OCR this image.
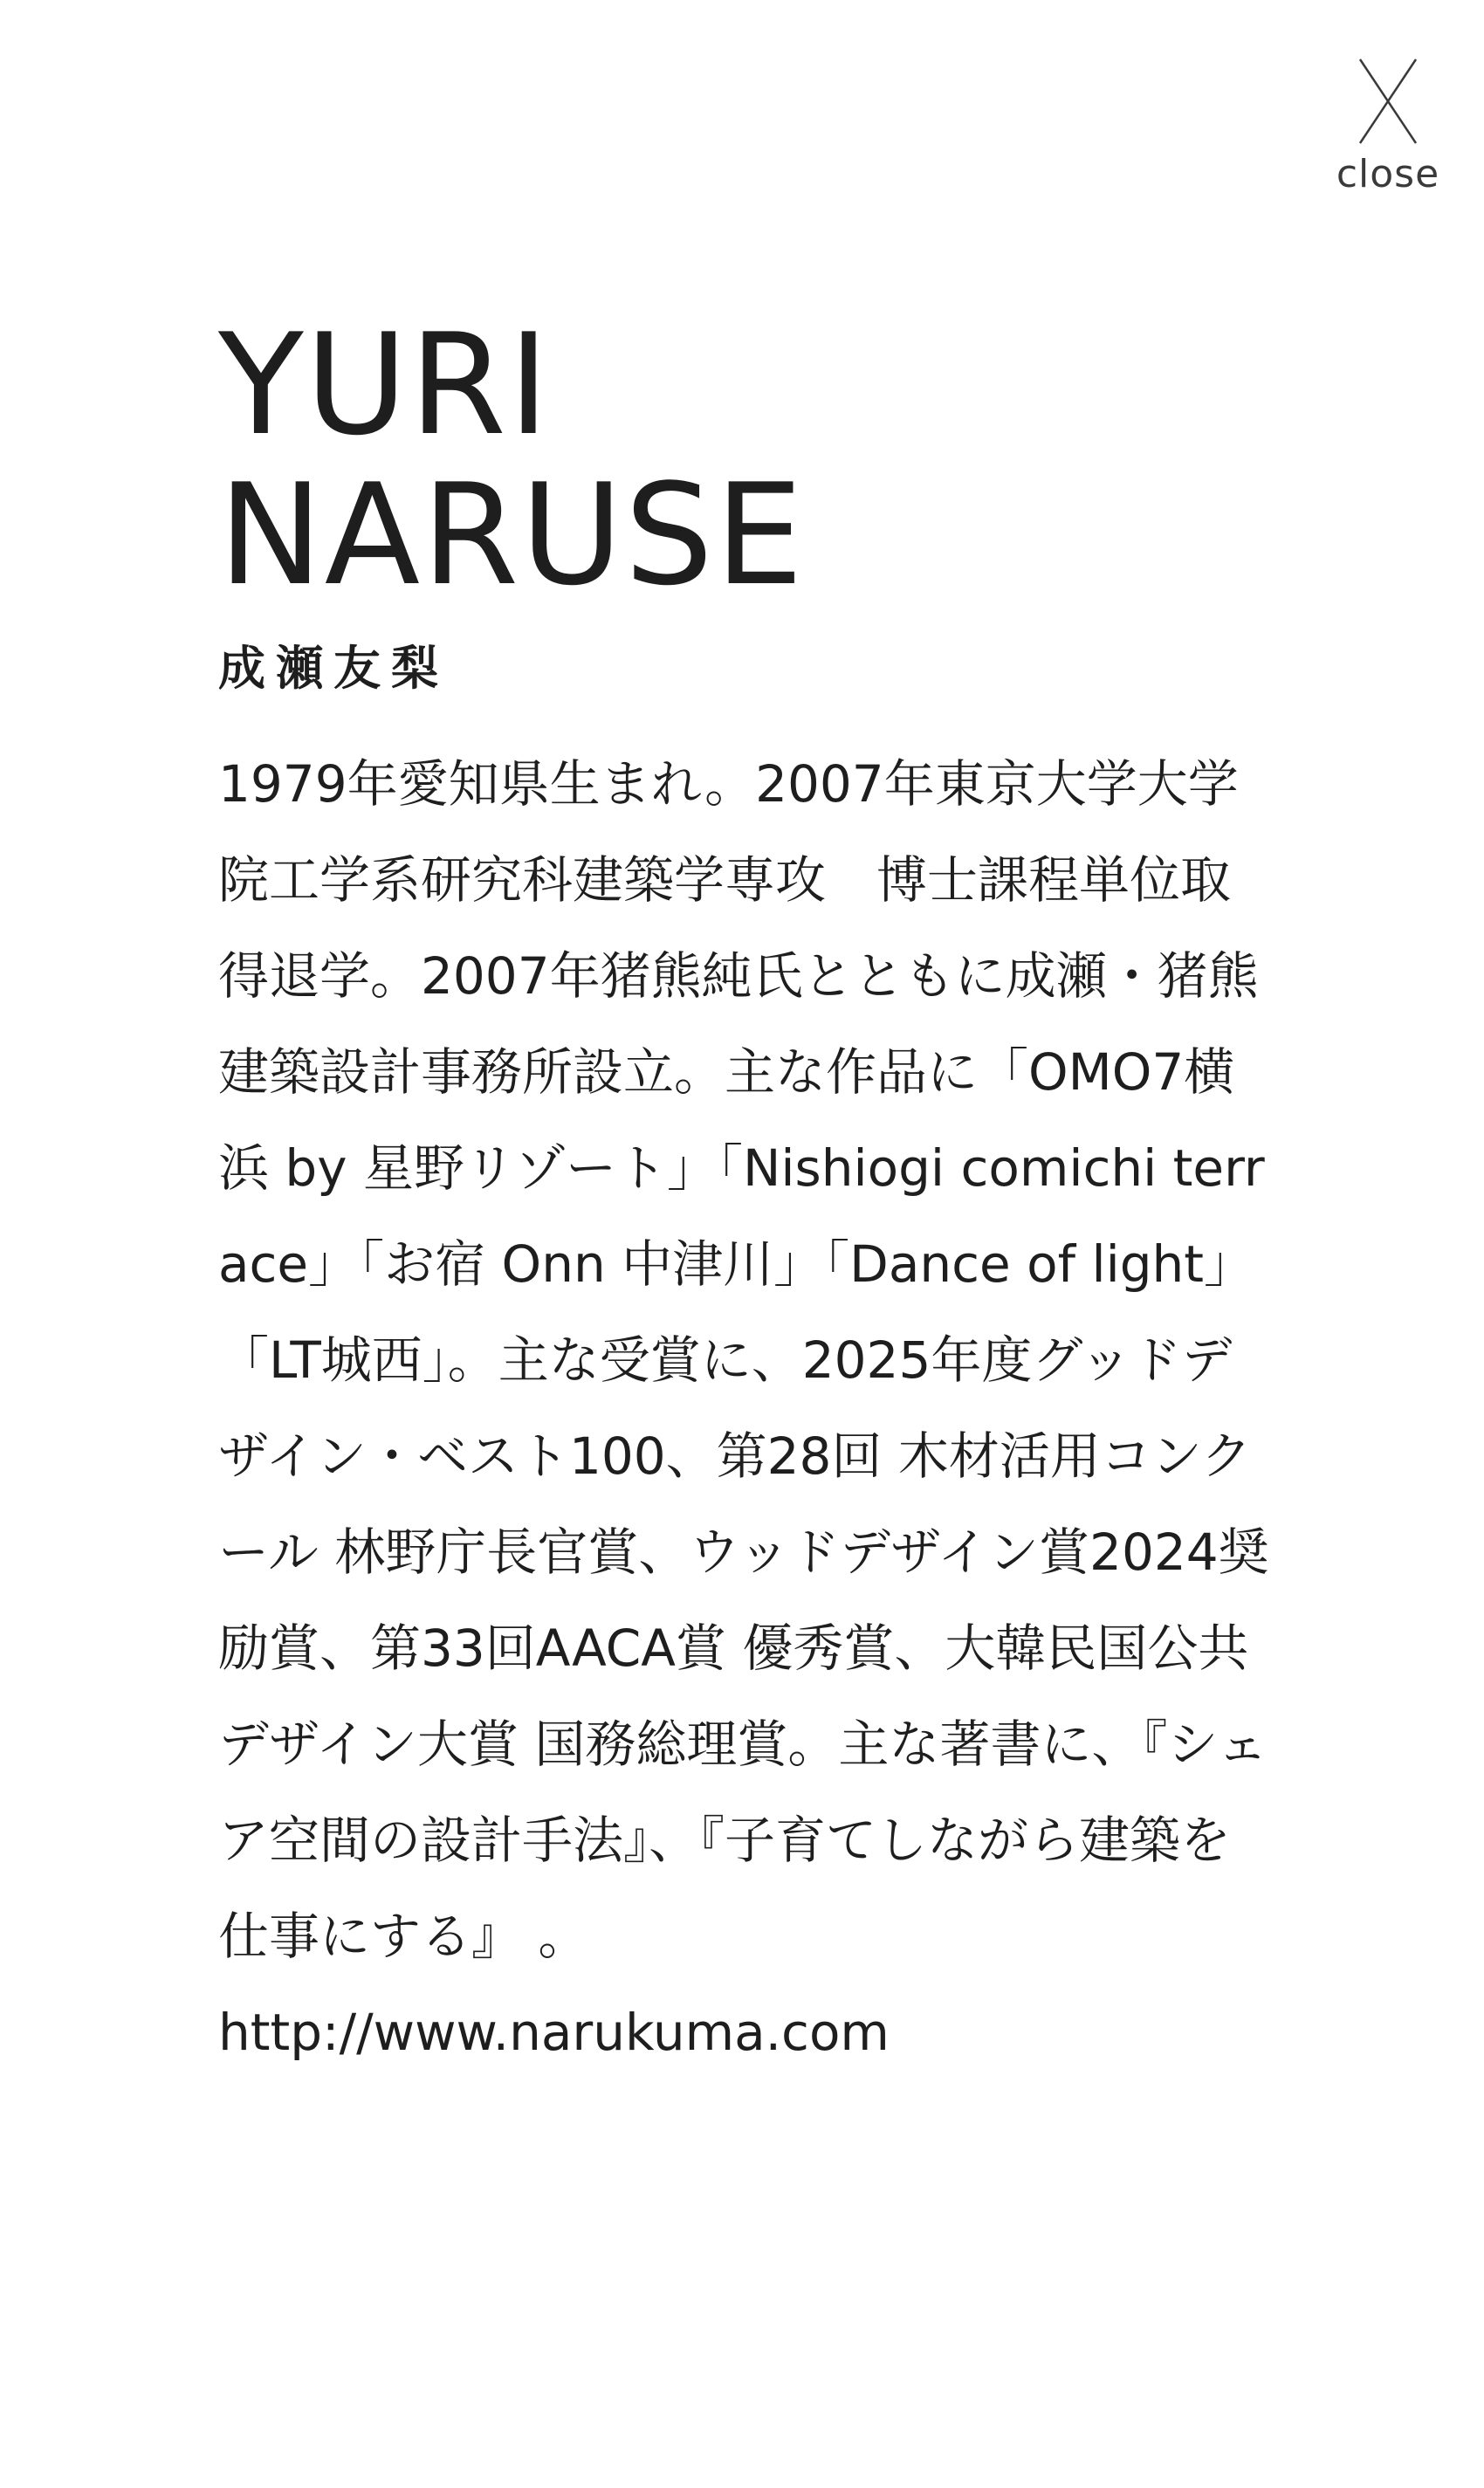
close
YURI
NARUSE
成瀬友梨
1979年愛知県生まれ。2007年東京大学大学院工学系研究科建築学専攻　博士課程単位取得退学。2007年猪熊純氏とともに成瀬・猪熊建築設計事務所設立。主な作品に「OMO7横浜 by 星野リゾート」「Nishiogi comichi terrace」「お宿 Onn 中津川」「Dance of light」「LT城西」。主な受賞に、2025年度グッドデザイン・ベスト100、第28回 木材活用コンクール 林野庁長官賞、ウッドデザイン賞2024奨励賞、第33回AACA賞 優秀賞、大韓民国公共デザイン大賞 国務総理賞。主な著書に、『シェア空間の設計手法』、『子育てしながら建築を仕事にする』 。
http://www.narukuma.com
